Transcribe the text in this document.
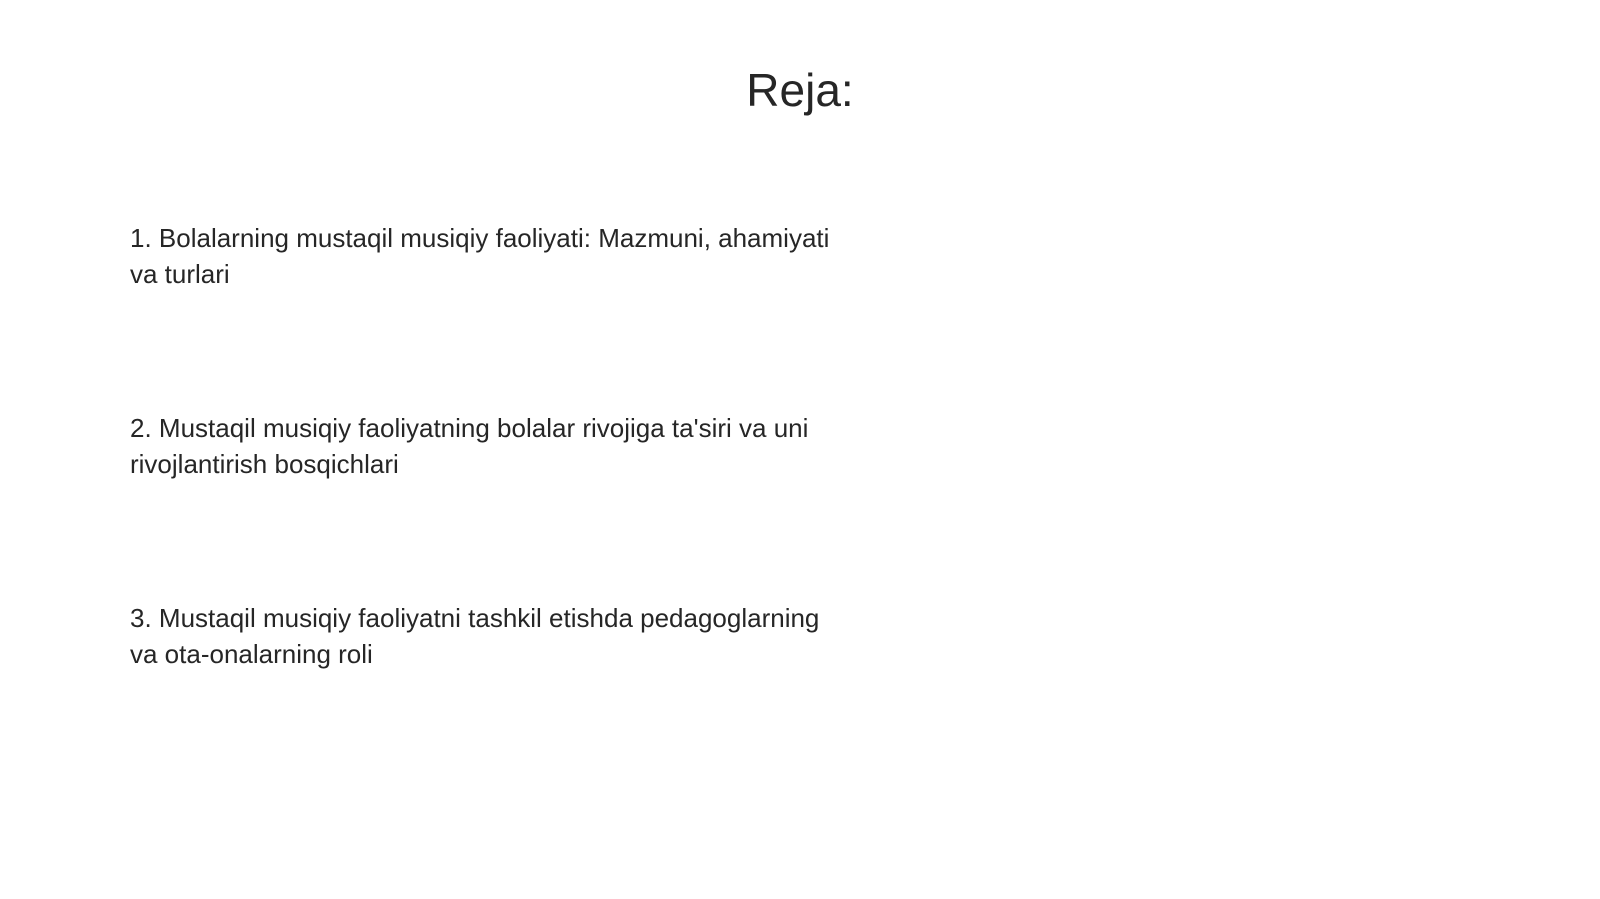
Reja:

1. Bolalarning mustaqil musiqiy faoliyati: Mazmuni, ahamiyati va turlari

2. Mustaqil musiqiy faoliyatning bolalar rivojiga ta'siri va uni rivojlantirish bosqichlari

3. Mustaqil musiqiy faoliyatni tashkil etishda pedagoglarning va ota-onalarning roli
